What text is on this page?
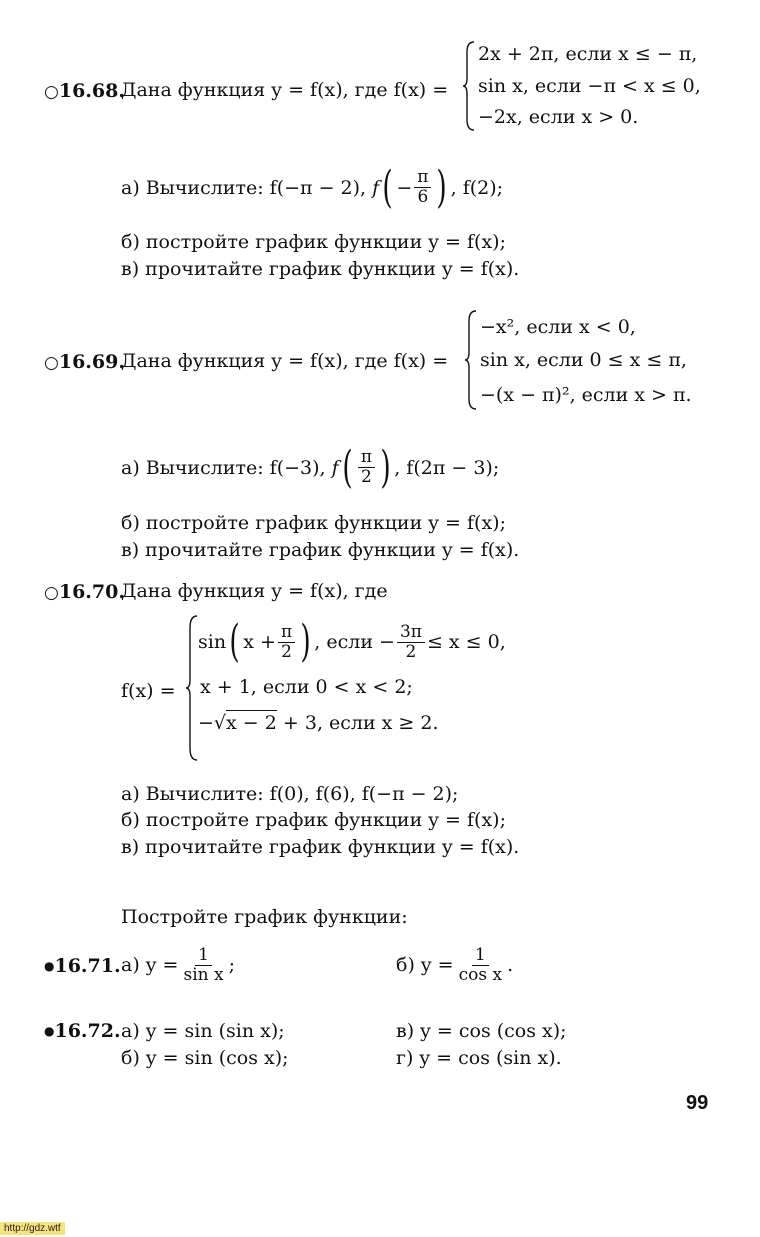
○16.68.
Дана функция y = f(x), где f(x) =
2x + 2π, если x ≤ − π,
sin x, если −π < x ≤ 0,
−2x, если x > 0.
а) Вычислите:
f(−π − 2),
f ( − $\frac{\pi}{6}$ ) ,
f(2);
б) постройте график функции y = f(x);
в) прочитайте график функции y = f(x).
○16.69.
Дана функция y = f(x), где f(x) =
−x², если x < 0,
sin x, если 0 ≤ x ≤ π,
−(x − π)², если x > π.
а) Вычислите:
f(−3),
f ( $\frac{\pi}{2}$ ) ,
f(2π − 3);
б) постройте график функции y = f(x);
в) прочитайте график функции y = f(x).
○16.70.
Дана функция y = f(x), где
f(x) =
sin ( $x + \frac{\pi}{2}$ ) , если − $\frac{3\pi}{2} \le x \le 0$,
x + 1, если 0 < x < 2;
−√x − 2 + 3, если x ≥ 2.
а) Вычислите: f(0), f(6), f(−π − 2);
б) постройте график функции y = f(x);
в) прочитайте график функции y = f(x).
Постройте график функции:
●16.71. а) $y = \frac{1}{\text{sin x}}$ ;	б) $y = \frac{1}{\text{cos x}}$ .
●16.72. а) y = sin (sin x);
б) y = sin (cos x);
в) y = cos (cos x);
г) y = cos (sin x).
99
http://gdz.wtf
